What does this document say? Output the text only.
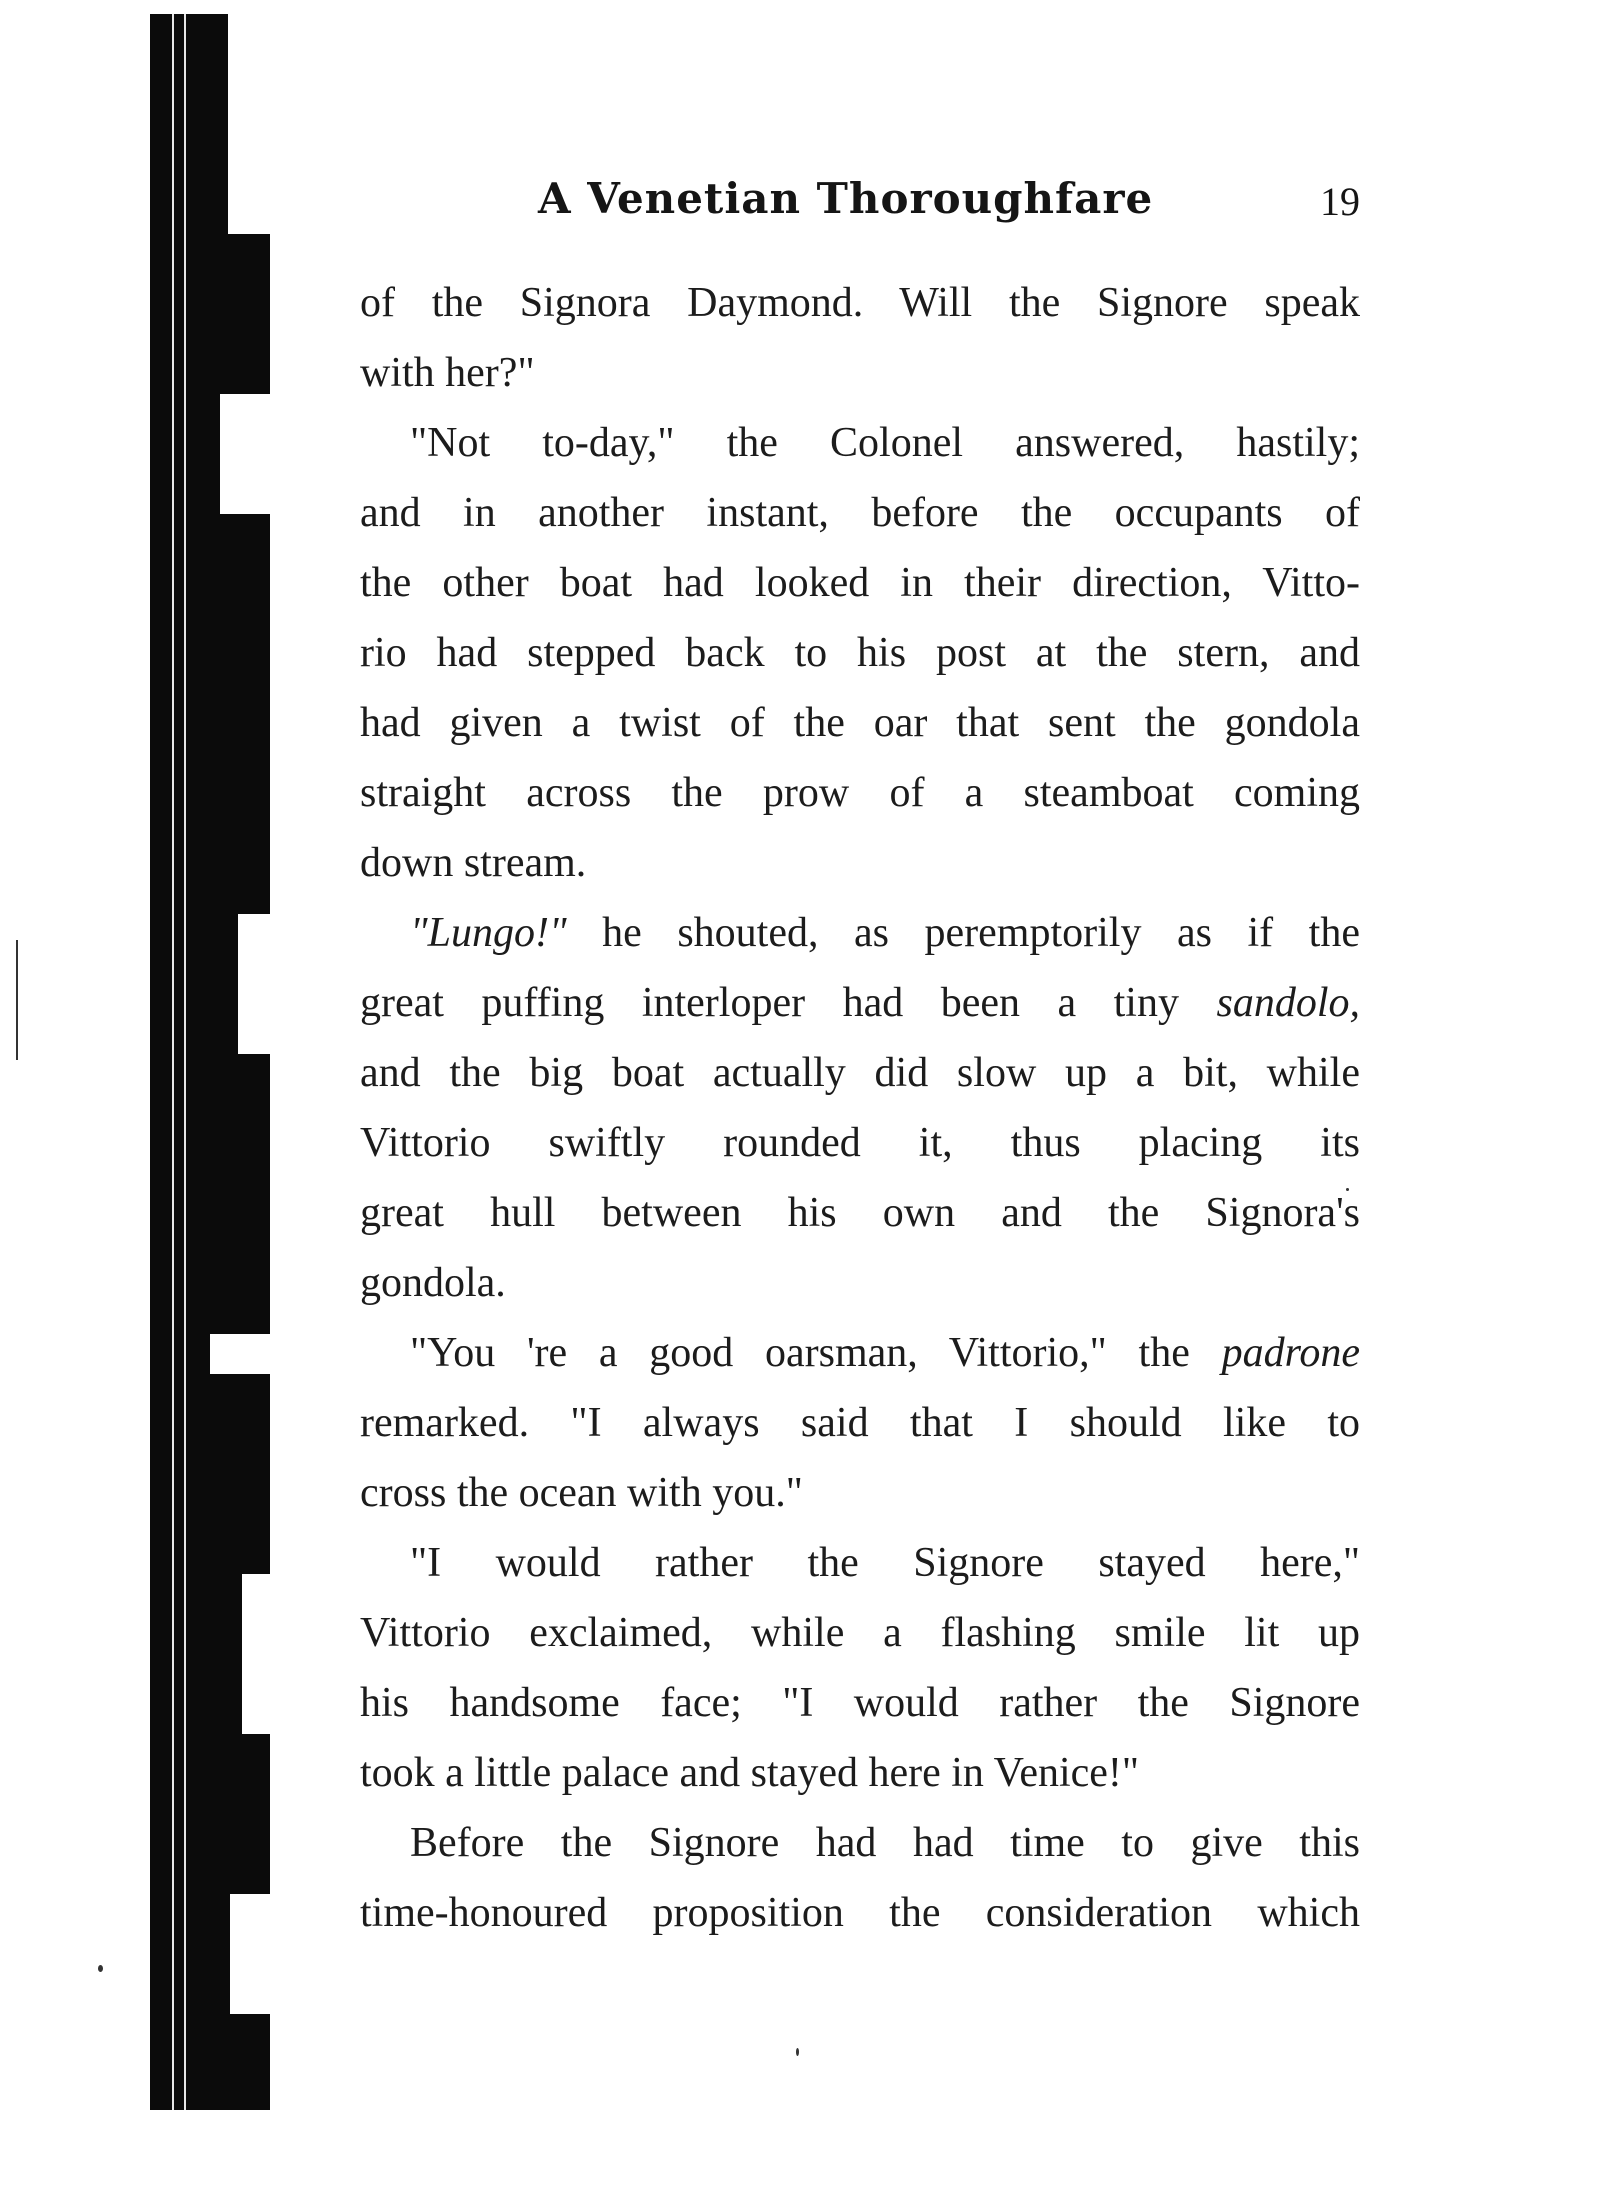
A Venetian Thoroughfare	19
of the Signora Daymond. Will the Signore speak
with her?"
"Not to-day," the Colonel answered, hastily;
and in another instant, before the occupants of
the other boat had looked in their direction, Vitto-
rio had stepped back to his post at the stern, and
had given a twist of the oar that sent the gondola
straight across the prow of a steamboat coming
down stream.
"Lungo!" he shouted, as peremptorily as if the
great puffing interloper had been a tiny sandolo,
and the big boat actually did slow up a bit, while
Vittorio swiftly rounded it, thus placing its
great hull between his own and the Signora's
gondola.
"You 're a good oarsman, Vittorio," the padrone
remarked. "I always said that I should like to
cross the ocean with you."
"I would rather the Signore stayed here,"
Vittorio exclaimed, while a flashing smile lit up
his handsome face; "I would rather the Signore
took a little palace and stayed here in Venice!"
Before the Signore had had time to give this
time-honoured proposition the consideration which
